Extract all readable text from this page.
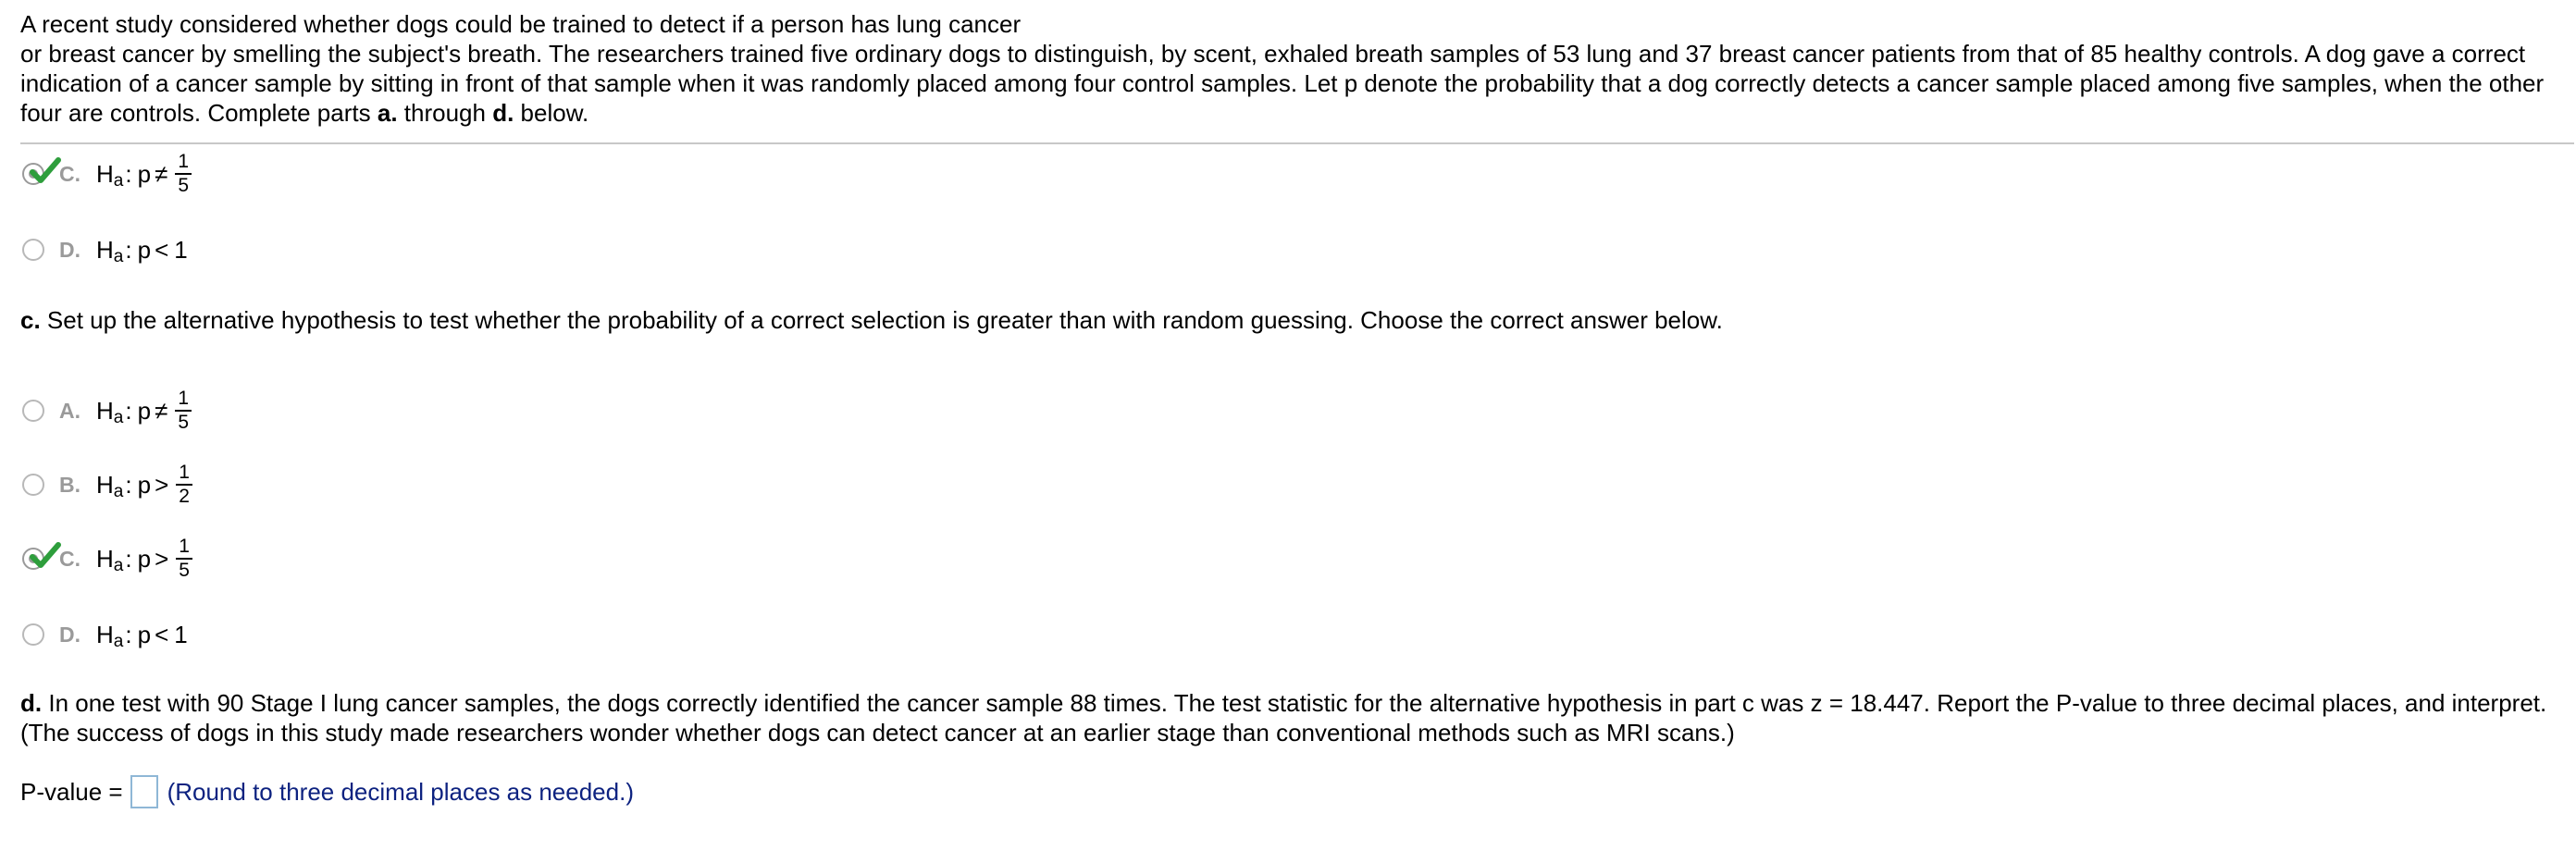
A recent study considered whether dogs could be trained to detect if a person has lung cancer

or breast cancer by smelling the subject's breath. The researchers trained five ordinary dogs to distinguish, by scent, exhaled breath samples of 53 lung and 37 breast cancer patients from that of 85 healthy controls. A dog gave a correct indication of a cancer sample by sitting in front of that sample when it was randomly placed among four control samples. Let p denote the probability that a dog correctly detects a cancer sample placed among five samples, when the other four are controls. Complete parts a. through d. below.

C. H a : $p \ne \frac{1}{5}$
D. H a : p < 1

c. Set up the alternative hypothesis to test whether the probability of a correct selection is greater than with random guessing. Choose the correct answer below.

A. H a : $p \ne \frac{1}{5}$
B. H a : $p > \frac{1}{2}$
C. H a : $p > \frac{1}{5}$
D. H a : p < 1

d. In one test with 90 Stage I lung cancer samples, the dogs correctly identified the cancer sample 88 times. The test statistic for the alternative hypothesis in part c was z = 18.447. Report the P-value to three decimal places, and interpret.

(The success of dogs in this study made researchers wonder whether dogs can detect cancer at an earlier stage than conventional methods such as MRI scans.)

P-value = (Round to three decimal places as needed.)
